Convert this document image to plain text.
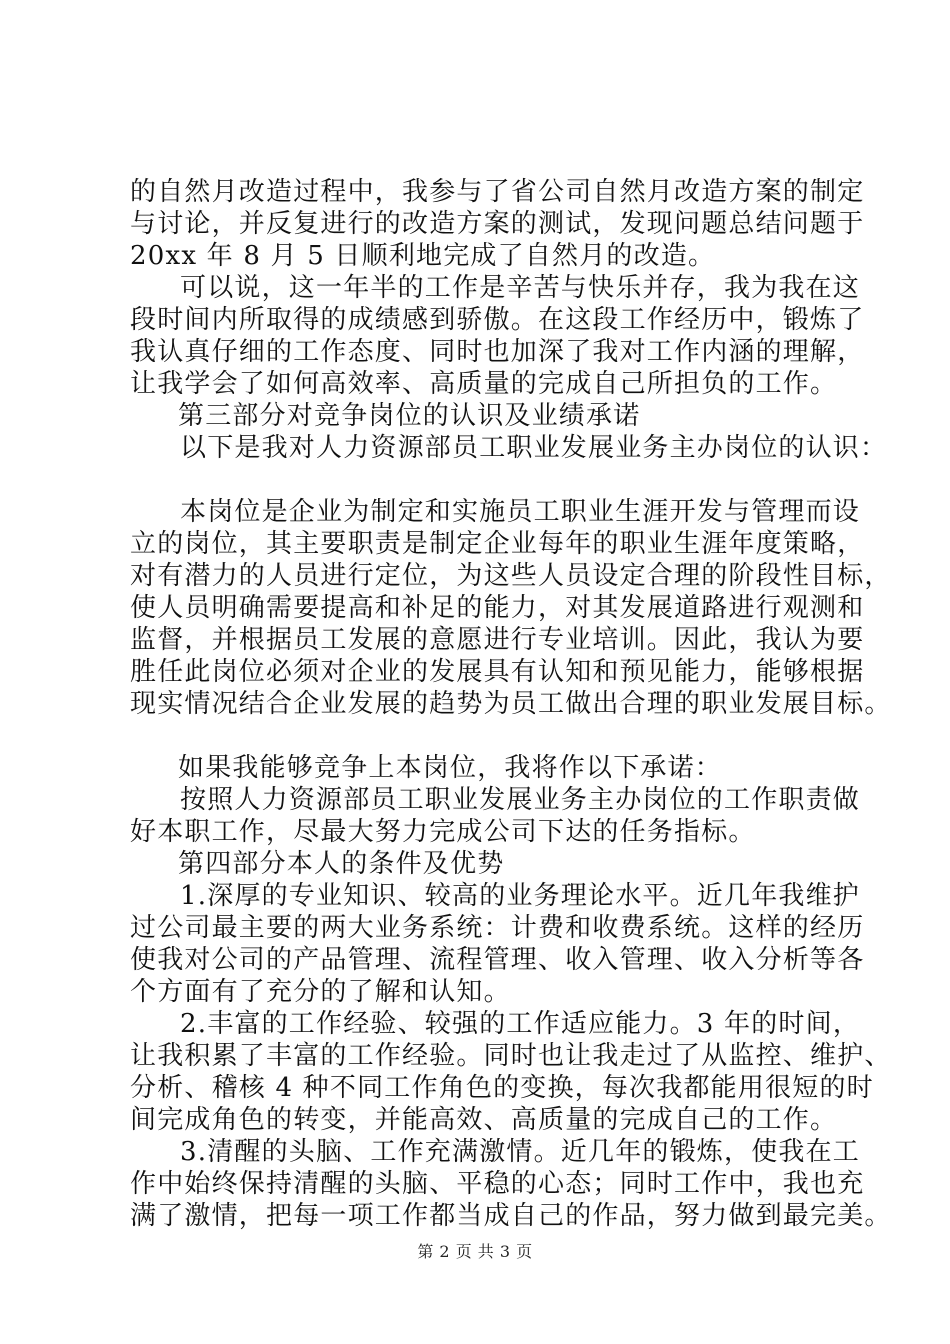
的自然月改造过程中，我参与了省公司自然月改造方案的制定
与讨论，并反复进行的改造方案的测试，发现问题总结问题于
20xx 年 8 月 5 日顺利地完成了自然月的改造。
可以说，这一年半的工作是辛苦与快乐并存，我为我在这
段时间内所取得的成绩感到骄傲。在这段工作经历中，锻炼了
我认真仔细的工作态度、同时也加深了我对工作内涵的理解，
让我学会了如何高效率、高质量的完成自己所担负的工作。
第三部分对竞争岗位的认识及业绩承诺
以下是我对人力资源部员工职业发展业务主办岗位的认识：
本岗位是企业为制定和实施员工职业生涯开发与管理而设
立的岗位，其主要职责是制定企业每年的职业生涯年度策略，
对有潜力的人员进行定位，为这些人员设定合理的阶段性目标，
使人员明确需要提高和补足的能力，对其发展道路进行观测和
监督，并根据员工发展的意愿进行专业培训。因此，我认为要
胜任此岗位必须对企业的发展具有认知和预见能力，能够根据
现实情况结合企业发展的趋势为员工做出合理的职业发展目标。
如果我能够竞争上本岗位，我将作以下承诺：
按照人力资源部员工职业发展业务主办岗位的工作职责做
好本职工作，尽最大努力完成公司下达的任务指标。
第四部分本人的条件及优势
1.深厚的专业知识、较高的业务理论水平。近几年我维护
过公司最主要的两大业务系统：计费和收费系统。这样的经历
使我对公司的产品管理、流程管理、收入管理、收入分析等各
个方面有了充分的了解和认知。
2.丰富的工作经验、较强的工作适应能力。3 年的时间，
让我积累了丰富的工作经验。同时也让我走过了从监控、维护、
分析、稽核 4 种不同工作角色的变换，每次我都能用很短的时
间完成角色的转变，并能高效、高质量的完成自己的工作。
3.清醒的头脑、工作充满激情。近几年的锻炼，使我在工
作中始终保持清醒的头脑、平稳的心态；同时工作中，我也充
满了激情，把每一项工作都当成自己的作品，努力做到最完美。
第 2 页 共 3 页
